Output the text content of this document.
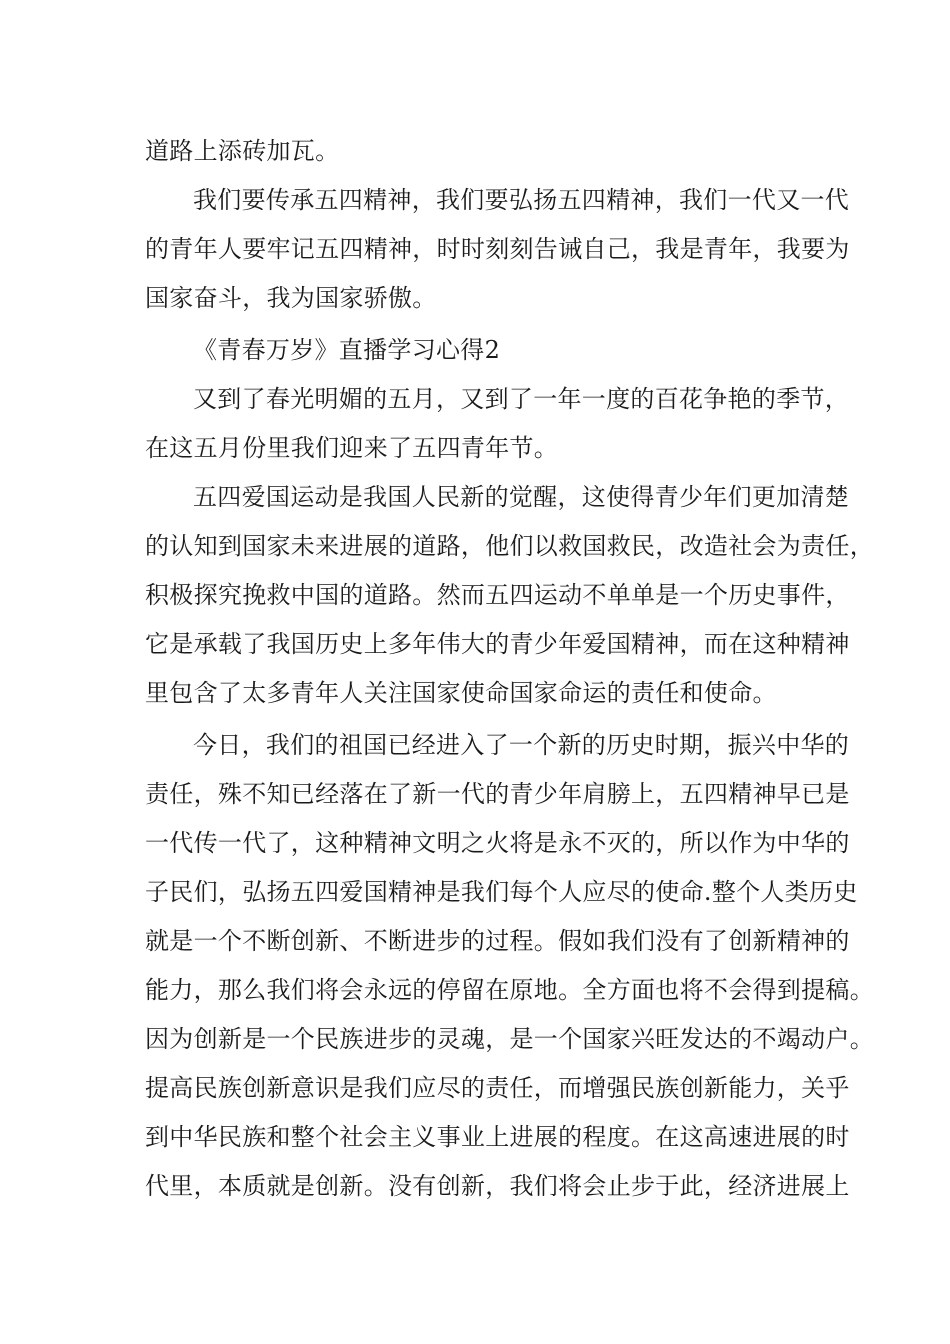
道路上添砖加瓦。

我们要传承五四精神，我们要弘扬五四精神，我们一代又一代

的青年人要牢记五四精神，时时刻刻告诫自己，我是青年，我要为

国家奋斗，我为国家骄傲。

《青春万岁》直播学习心得2

又到了春光明媚的五月，又到了一年一度的百花争艳的季节，

在这五月份里我们迎来了五四青年节。

五四爱国运动是我国人民新的觉醒，这使得青少年们更加清楚

的认知到国家未来进展的道路，他们以救国救民，改造社会为责任，

积极探究挽救中国的道路。然而五四运动不单单是一个历史事件，

它是承载了我国历史上多年伟大的青少年爱国精神，而在这种精神

里包含了太多青年人关注国家使命国家命运的责任和使命。

今日，我们的祖国已经进入了一个新的历史时期，振兴中华的

责任，殊不知已经落在了新一代的青少年肩膀上，五四精神早已是

一代传一代了，这种精神文明之火将是永不灭的，所以作为中华的

子民们，弘扬五四爱国精神是我们每个人应尽的使命.整个人类历史

就是一个不断创新、不断进步的过程。假如我们没有了创新精神的

能力，那么我们将会永远的停留在原地。全方面也将不会得到提稿。

因为创新是一个民族进步的灵魂，是一个国家兴旺发达的不竭动户。

提高民族创新意识是我们应尽的责任，而增强民族创新能力，关乎

到中华民族和整个社会主义事业上进展的程度。在这高速进展的时

代里，本质就是创新。没有创新，我们将会止步于此，经济进展上
